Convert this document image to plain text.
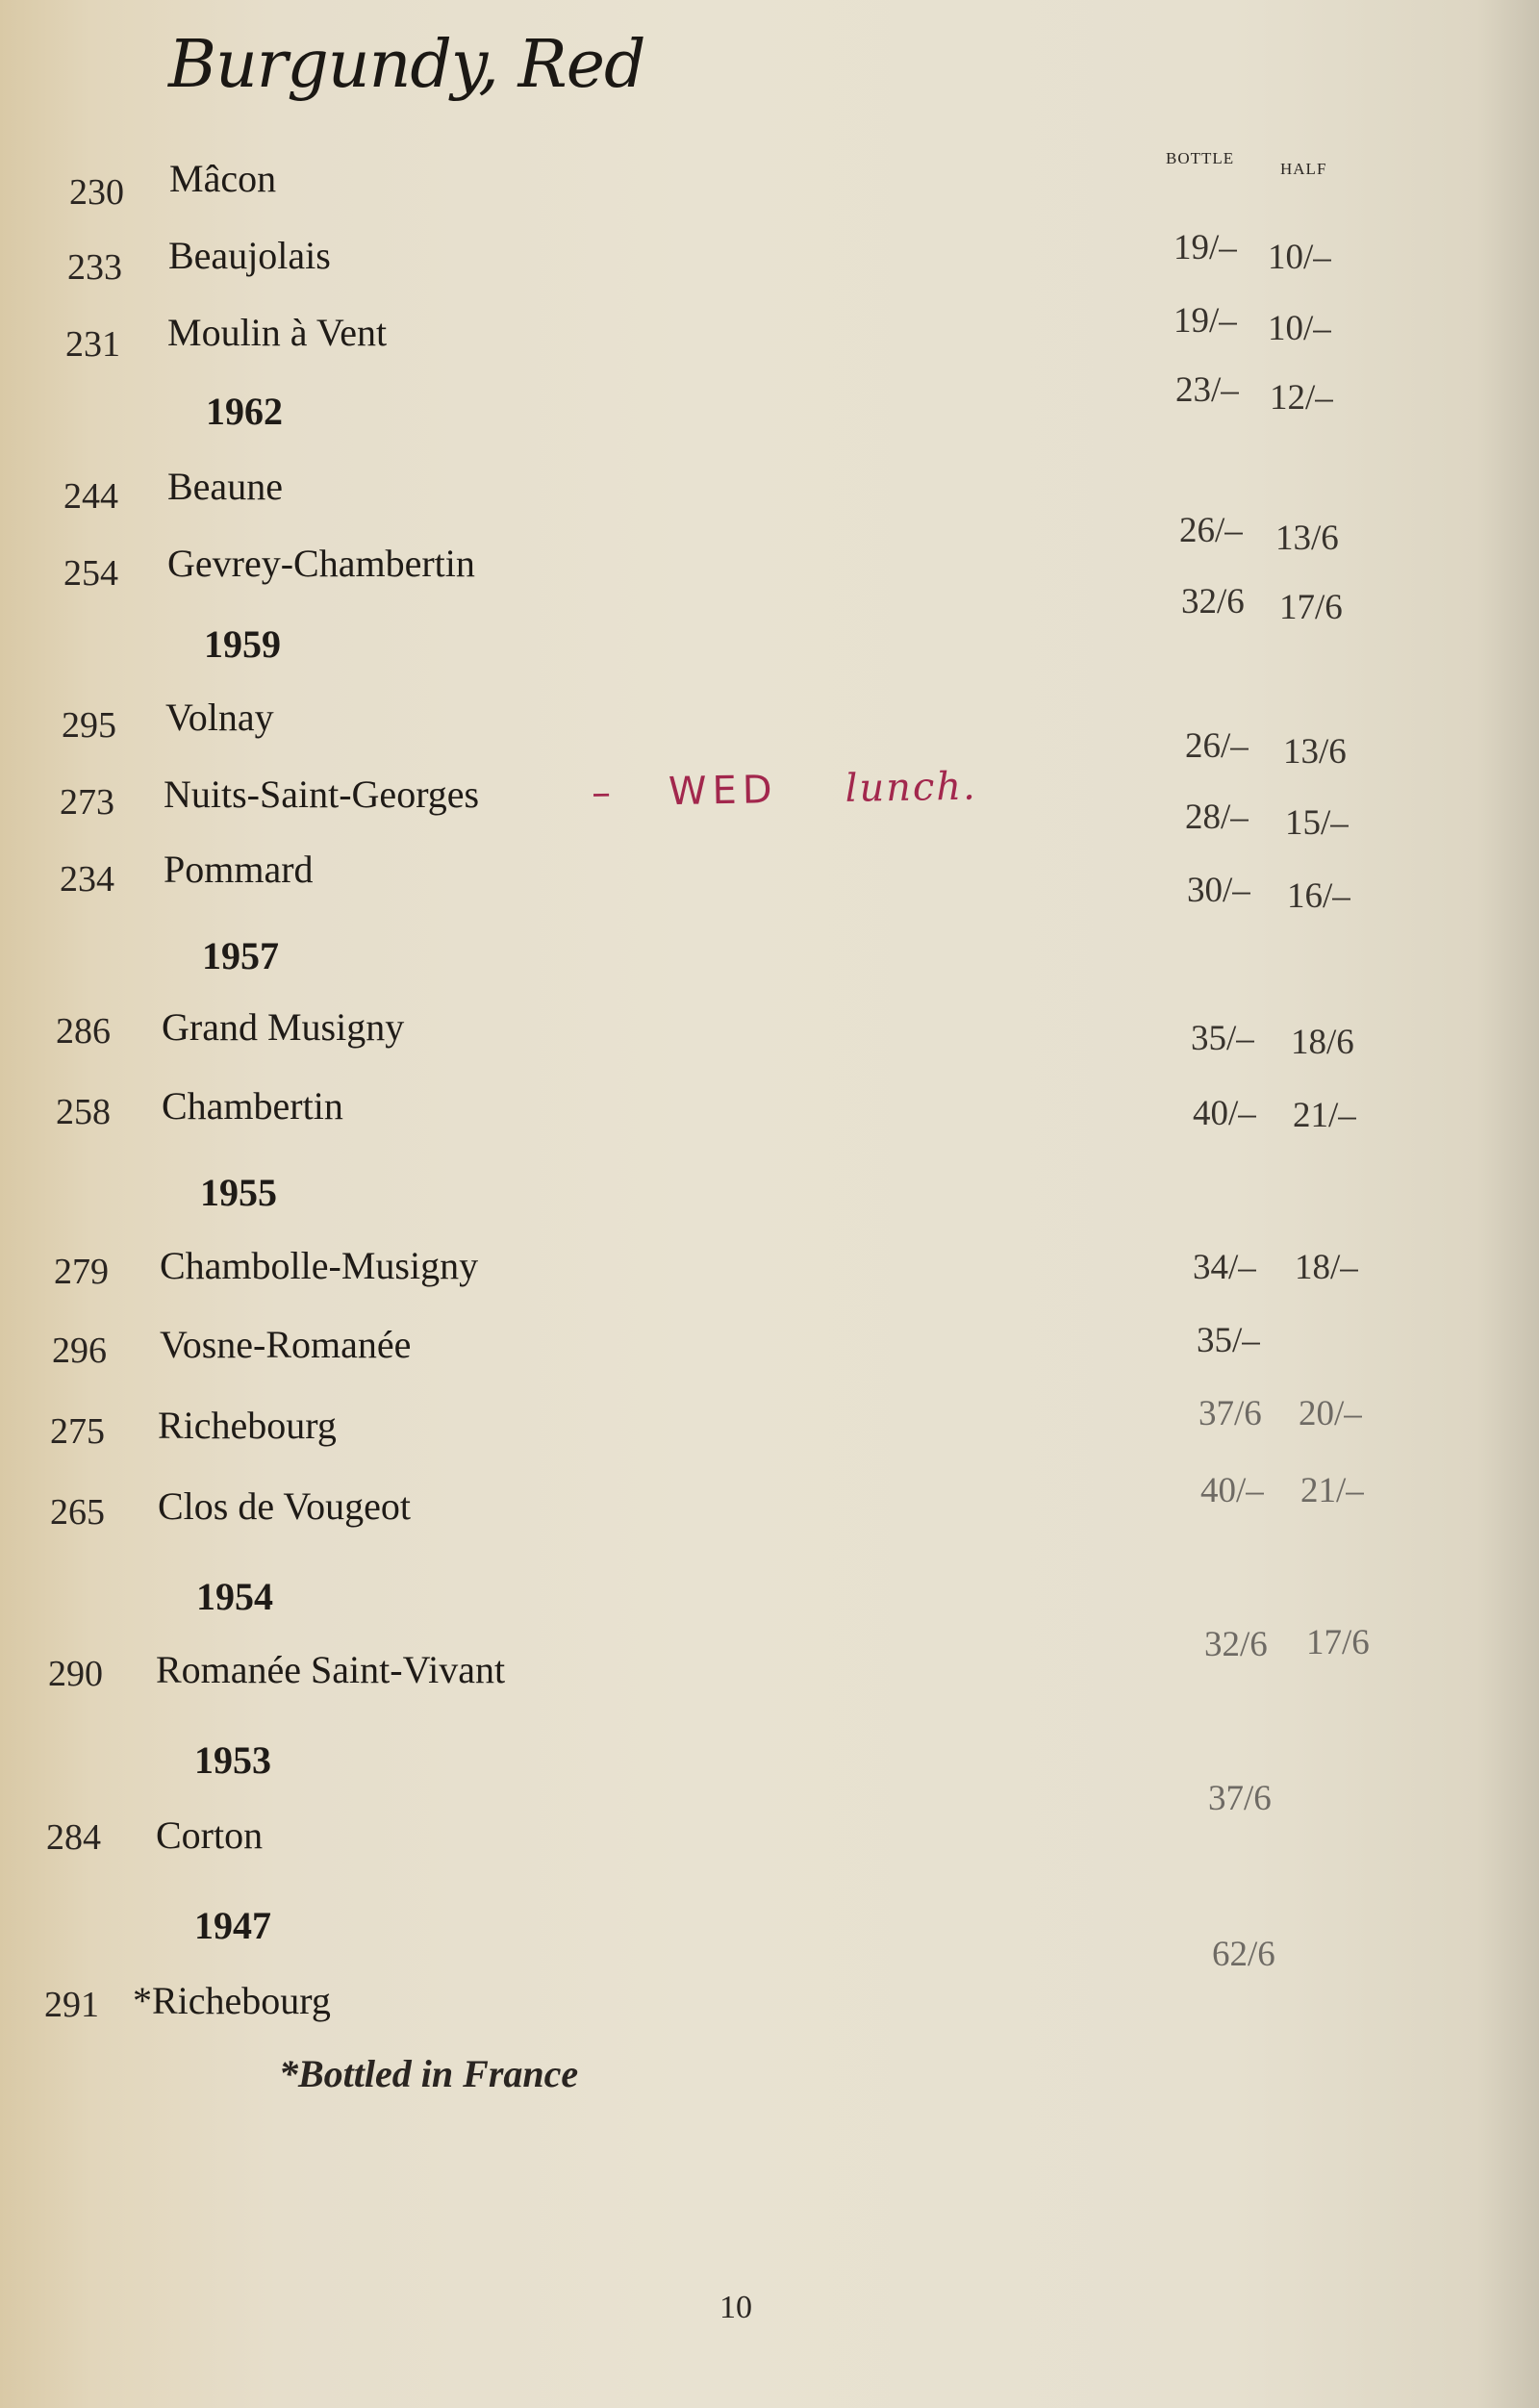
Burgundy, Red
BOTTLE
HALF
230 Mâcon
233 Beaujolais
231 Moulin à Vent
1962
244 Beaune
254 Gevrey-Chambertin
1959
295 Volnay
273 Nuits-Saint-Georges
234 Pommard
1957
286 Grand Musigny
258 Chambertin
1955
279 Chambolle-Musigny
296 Vosne-Romanée
275 Richebourg
265 Clos de Vougeot
1954
290 Romanée Saint-Vivant
1953
284 Corton
1947
291 *Richebourg
19/– 10/–
19/– 10/–
23/– 12/–
26/– 13/6
32/6 17/6
26/– 13/6
28/– 15/–
30/– 16/–
35/– 18/6
40/– 21/–
34/– 18/–
35/–
37/6 20/–
40/– 21/–
32/6 17/6
37/6
62/6
– WED lunch.
*Bottled in France
10
